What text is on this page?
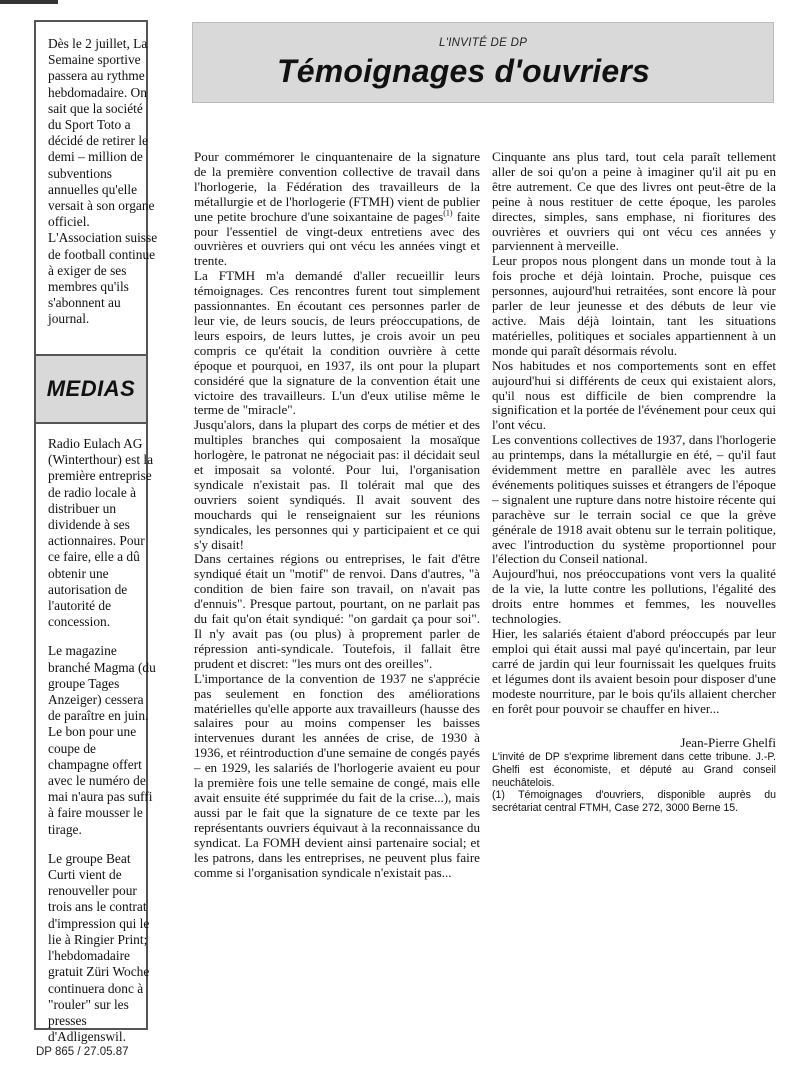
Dès le 2 juillet, La Semaine sportive passera au rythme hebdomadaire. On sait que la société du Sport Toto a décidé de retirer le demi – million de subventions annuelles qu'elle versait à son organe officiel. L'Association suisse de football continue à exiger de ses membres qu'ils s'abonnent au journal.
MEDIAS

Radio Eulach AG (Winterthour) est la première entreprise de radio locale à distribuer un dividende à ses actionnaires. Pour ce faire, elle a dû obtenir une autorisation de l'autorité de concession.

Le magazine branché Magma (du groupe Tages Anzeiger) cessera de paraître en juin. Le bon pour une coupe de champagne offert avec le numéro de mai n'aura pas suffi à faire mousser le tirage.

Le groupe Beat Curti vient de renouveller pour trois ans le contrat d'impression qui le lie à Ringier Print; l'hebdomadaire gratuit Züri Woche continuera donc à "rouler" sur les presses d'Adligenswil.

L'INVITÉ DE DP
Témoignages d'ouvriers

Pour commémorer le cinquantenaire de la signature de la première convention collective de travail dans l'horlogerie, la Fédération des travailleurs de la métallurgie et de l'horlogerie (FTMH) vient de publier une petite brochure d'une soixantaine de pages$^{(1)}$ faite pour l'essentiel de vingt-deux entretiens avec des ouvrières et ouvriers qui ont vécu les années vingt et trente.

La FTMH m'a demandé d'aller recueillir leurs témoignages. Ces rencontres furent tout simplement passionnantes. En écoutant ces personnes parler de leur vie, de leurs soucis, de leurs préoccupations, de leurs espoirs, de leurs luttes, je crois avoir un peu compris ce qu'était la condition ouvrière à cette époque et pourquoi, en 1937, ils ont pour la plupart considéré que la signature de la convention était une victoire des travailleurs. L'un d'eux utilise même le terme de "miracle".

Jusqu'alors, dans la plupart des corps de métier et des multiples branches qui composaient la mosaïque horlogère, le patronat ne négociait pas: il décidait seul et imposait sa volonté. Pour lui, l'organisation syndicale n'existait pas. Il tolérait mal que des ouvriers soient syndiqués. Il avait souvent des mouchards qui le renseignaient sur les réunions syndicales, les personnes qui y participaient et ce qui s'y disait!

Dans certaines régions ou entreprises, le fait d'être syndiqué était un "motif" de renvoi. Dans d'autres, "à condition de bien faire son travail, on n'avait pas d'ennuis". Presque partout, pourtant, on ne parlait pas du fait qu'on était syndiqué: "on gardait ça pour soi". Il n'y avait pas (ou plus) à proprement parler de répression anti-syndicale. Toutefois, il fallait être prudent et discret: "les murs ont des oreilles".

L'importance de la convention de 1937 ne s'apprécie pas seulement en fonction des améliorations matérielles qu'elle apporte aux travailleurs (hausse des salaires pour au moins compenser les baisses intervenues durant les années de crise, de 1930 à 1936, et réintroduction d'une semaine de congés payés – en 1929, les salariés de l'horlogerie avaient eu pour la première fois une telle semaine de congé, mais elle avait ensuite été supprimée du fait de la crise...), mais aussi par le fait que la signature de ce texte par les représentants ouvriers équivaut à la reconnaissance du syndicat. La FOMH devient ainsi partenaire social; et les patrons, dans les entreprises, ne peuvent plus faire comme si l'organisation syndicale n'existait pas...

Cinquante ans plus tard, tout cela paraît tellement aller de soi qu'on a peine à imaginer qu'il ait pu en être autrement. Ce que des livres ont peut-être de la peine à nous restituer de cette époque, les paroles directes, simples, sans emphase, ni fioritures des ouvrières et ouvriers qui ont vécu ces années y parviennent à merveille.

Leur propos nous plongent dans un monde tout à la fois proche et déjà lointain. Proche, puisque ces personnes, aujourd'hui retraitées, sont encore là pour parler de leur jeunesse et des débuts de leur vie active. Mais déjà lointain, tant les situations matérielles, politiques et sociales appartiennent à un monde qui paraît désormais révolu.

Nos habitudes et nos comportements sont en effet aujourd'hui si différents de ceux qui existaient alors, qu'il nous est difficile de bien comprendre la signification et la portée de l'événement pour ceux qui l'ont vécu.

Les conventions collectives de 1937, dans l'horlogerie au printemps, dans la métallurgie en été, – qu'il faut évidemment mettre en parallèle avec les autres événements politiques suisses et étrangers de l'époque – signalent une rupture dans notre histoire récente qui parachève sur le terrain social ce que la grève générale de 1918 avait obtenu sur le terrain politique, avec l'introduction du système proportionnel pour l'élection du Conseil national.

Aujourd'hui, nos préoccupations vont vers la qualité de la vie, la lutte contre les pollutions, l'égalité des droits entre hommes et femmes, les nouvelles technologies.

Hier, les salariés étaient d'abord préoccupés par leur emploi qui était aussi mal payé qu'incertain, par leur carré de jardin qui leur fournissait les quelques fruits et légumes dont ils avaient besoin pour disposer d'une modeste nourriture, par le bois qu'ils allaient chercher en forêt pour pouvoir se chauffer en hiver...

Jean-Pierre Ghelfi

L'invité de DP s'exprime librement dans cette tribune. J.-P. Ghelfi est économiste, et député au Grand conseil neuchâtelois.

(1) Témoignages d'ouvriers, disponible auprès du secrétariat central FTMH, Case 272, 3000 Berne 15.

DP 865 / 27.05.87
